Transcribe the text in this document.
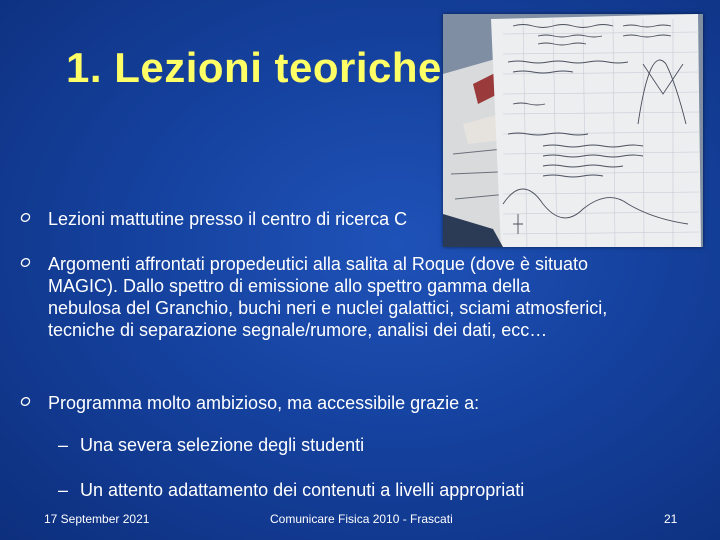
1. Lezioni teoriche
Lezioni mattutine presso il centro di ricerca C
Argomenti affrontati propedeutici alla salita al Roque (dove è situato MAGIC). Dallo spettro di emissione allo spettro gamma della nebulosa del Granchio, buchi neri e nuclei galattici, sciami atmosferici, tecniche di separazione segnale/rumore, analisi dei dati, ecc…
Programma molto ambizioso, ma accessibile grazie a:
– Una severa selezione degli studenti
– Un attento adattamento dei contenuti a livelli appropriati
17 September 2021	Comunicare Fisica 2010 - Frascati	21
